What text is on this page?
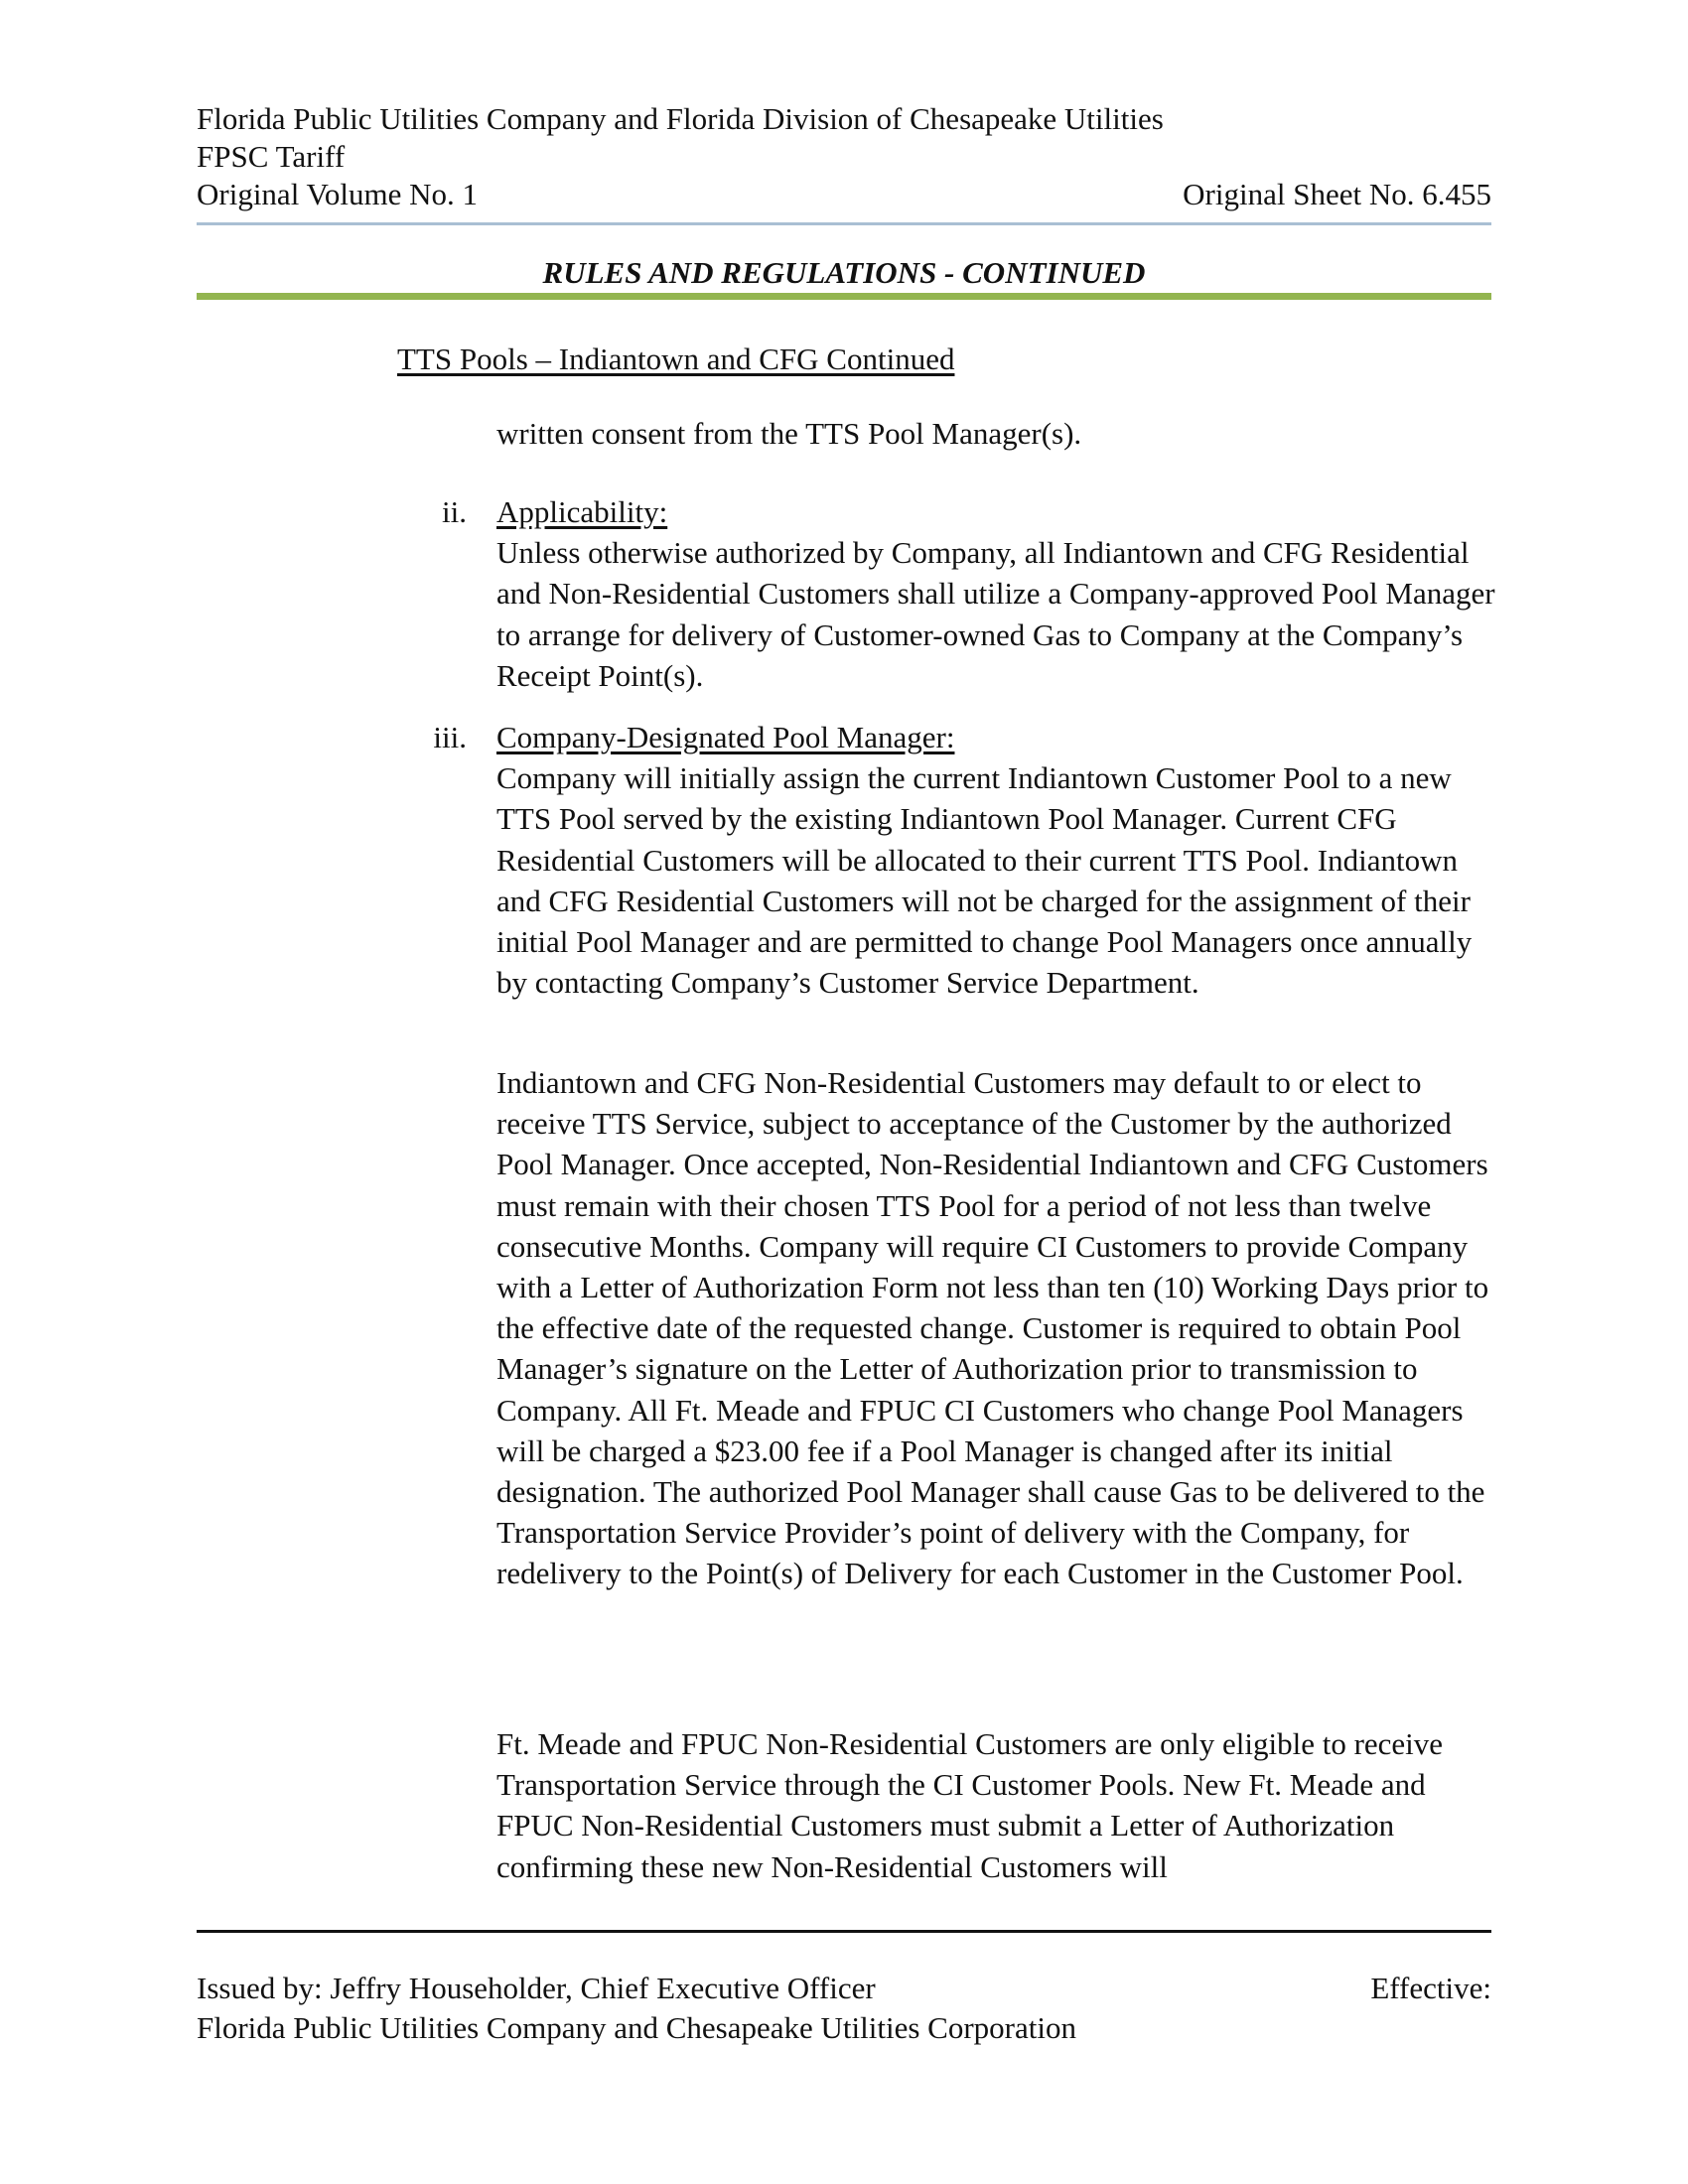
Florida Public Utilities Company and Florida Division of Chesapeake Utilities
FPSC Tariff
Original Volume No. 1	Original Sheet No. 6.455
RULES AND REGULATIONS - CONTINUED
TTS Pools – Indiantown and CFG Continued

written consent from the TTS Pool Manager(s).

ii. Applicability:

Unless otherwise authorized by Company, all Indiantown and CFG Residential and Non-Residential Customers shall utilize a Company-approved Pool Manager to arrange for delivery of Customer-owned Gas to Company at the Company’s Receipt Point(s).

iii. Company-Designated Pool Manager:

Company will initially assign the current Indiantown Customer Pool to a new TTS Pool served by the existing Indiantown Pool Manager. Current CFG Residential Customers will be allocated to their current TTS Pool. Indiantown and CFG Residential Customers will not be charged for the assignment of their initial Pool Manager and are permitted to change Pool Managers once annually by contacting Company’s Customer Service Department.

Indiantown and CFG Non-Residential Customers may default to or elect to receive TTS Service, subject to acceptance of the Customer by the authorized Pool Manager. Once accepted, Non-Residential Indiantown and CFG Customers must remain with their chosen TTS Pool for a period of not less than twelve consecutive Months. Company will require CI Customers to provide Company with a Letter of Authorization Form not less than ten (10) Working Days prior to the effective date of the requested change. Customer is required to obtain Pool Manager’s signature on the Letter of Authorization prior to transmission to Company. All Ft. Meade and FPUC CI Customers who change Pool Managers will be charged a $23.00 fee if a Pool Manager is changed after its initial designation. The authorized Pool Manager shall cause Gas to be delivered to the Transportation Service Provider’s point of delivery with the Company, for redelivery to the Point(s) of Delivery for each Customer in the Customer Pool.

Ft. Meade and FPUC Non-Residential Customers are only eligible to receive Transportation Service through the CI Customer Pools. New Ft. Meade and FPUC Non-Residential Customers must submit a Letter of Authorization confirming these new Non-Residential Customers will

Issued by: Jeffry Householder, Chief Executive Officer	Effective:
Florida Public Utilities Company and Chesapeake Utilities Corporation
